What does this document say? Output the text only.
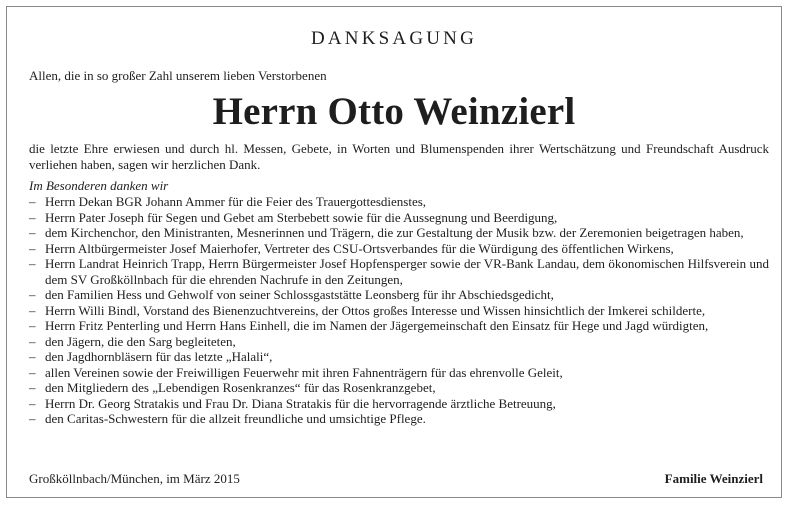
DANKSAGUNG
Allen, die in so großer Zahl unserem lieben Verstorbenen
Herrn Otto Weinzierl
die letzte Ehre erwiesen und durch hl. Messen, Gebete, in Worten und Blumenspenden ihrer Wertschätzung und Freundschaft Ausdruck verliehen haben, sagen wir herzlichen Dank.
Im Besonderen danken wir
– Herrn Dekan BGR Johann Ammer für die Feier des Trauergottesdienstes,
– Herrn Pater Joseph für Segen und Gebet am Sterbebett sowie für die Aussegnung und Beerdigung,
– dem Kirchenchor, den Ministranten, Mesnerinnen und Trägern, die zur Gestaltung der Musik bzw. der Zeremonien beigetragen haben,
– Herrn Altbürgermeister Josef Maierhofer, Vertreter des CSU-Ortsverbandes für die Würdigung des öffentlichen Wirkens,
– Herrn Landrat Heinrich Trapp, Herrn Bürgermeister Josef Hopfensperger sowie der VR-Bank Landau, dem ökonomischen Hilfsverein und dem SV Großköllnbach für die ehrenden Nachrufe in den Zeitungen,
– den Familien Hess und Gehwolf von seiner Schlossgaststätte Leonsberg für ihr Abschiedsgedicht,
– Herrn Willi Bindl, Vorstand des Bienenzuchtvereins, der Ottos großes Interesse und Wissen hinsichtlich der Imkerei schilderte,
– Herrn Fritz Penterling und Herrn Hans Einhell, die im Namen der Jägergemeinschaft den Einsatz für Hege und Jagd würdigten,
– den Jägern, die den Sarg begleiteten,
– den Jagdhornbläsern für das letzte „Halali“,
– allen Vereinen sowie der Freiwilligen Feuerwehr mit ihren Fahnenträgern für das ehrenvolle Geleit,
– den Mitgliedern des „Lebendigen Rosenkranzes“ für das Rosenkranzgebet,
– Herrn Dr. Georg Stratakis und Frau Dr. Diana Stratakis für die hervorragende ärztliche Betreuung,
– den Caritas-Schwestern für die allzeit freundliche und umsichtige Pflege.
Großköllnbach/München, im März 2015	Familie Weinzierl
